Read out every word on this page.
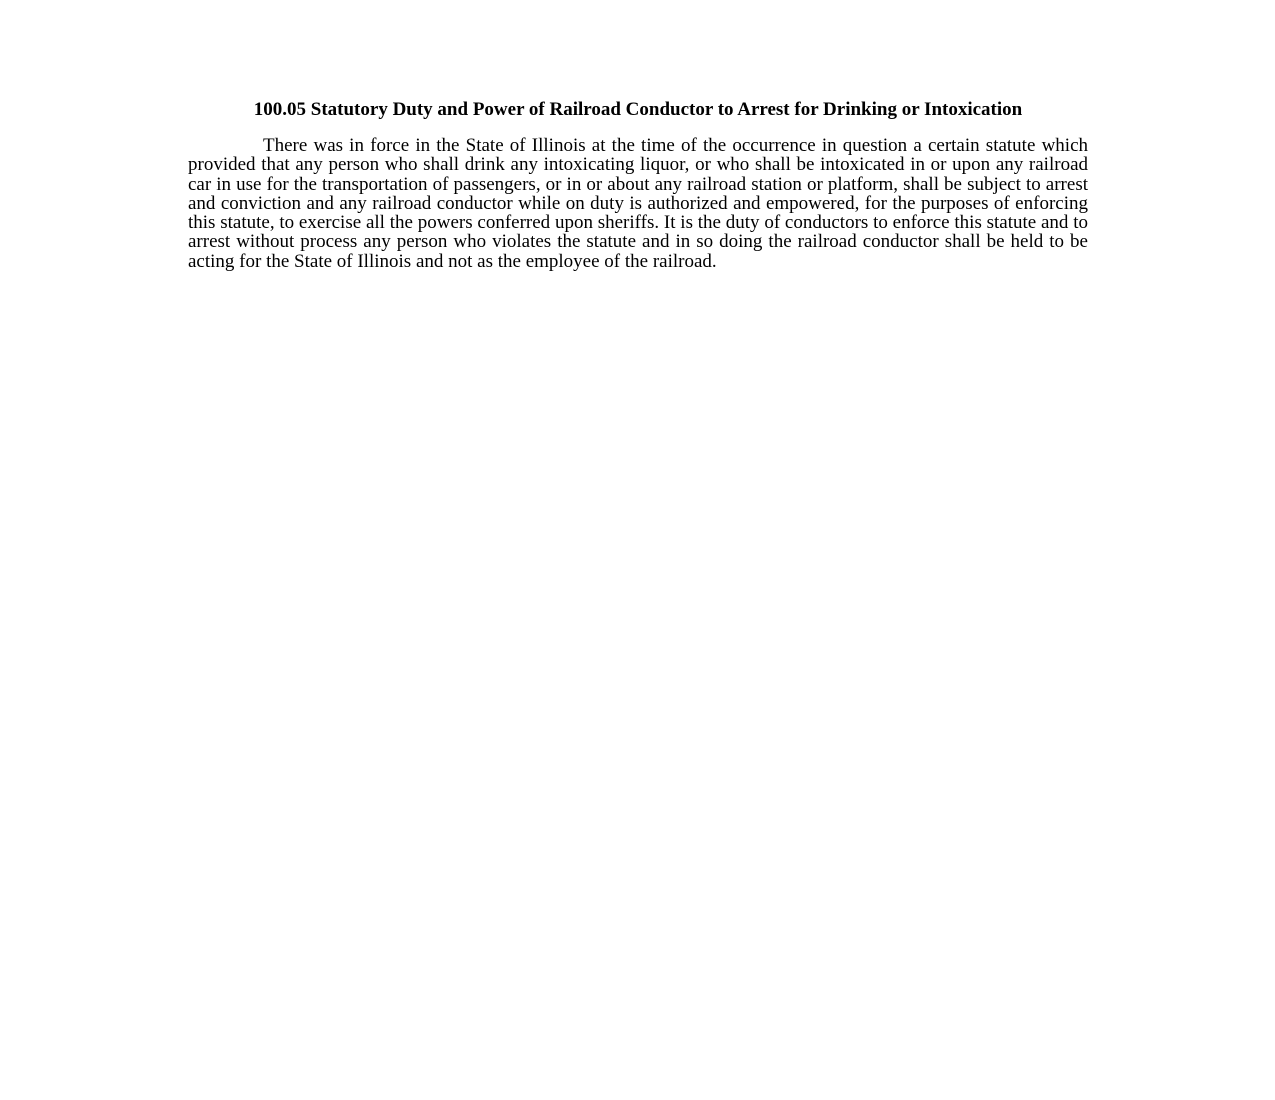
100.05 Statutory Duty and Power of Railroad Conductor to Arrest for Drinking or Intoxication

There was in force in the State of Illinois at the time of the occurrence in question a certain statute which provided that any person who shall drink any intoxicating liquor, or who shall be intoxicated in or upon any railroad car in use for the transportation of passengers, or in or about any railroad station or platform, shall be subject to arrest and conviction and any railroad conductor while on duty is authorized and empowered, for the purposes of enforcing this statute, to exercise all the powers conferred upon sheriffs. It is the duty of conductors to enforce this statute and to arrest without process any person who violates the statute and in so doing the railroad conductor shall be held to be acting for the State of Illinois and not as the employee of the railroad.
